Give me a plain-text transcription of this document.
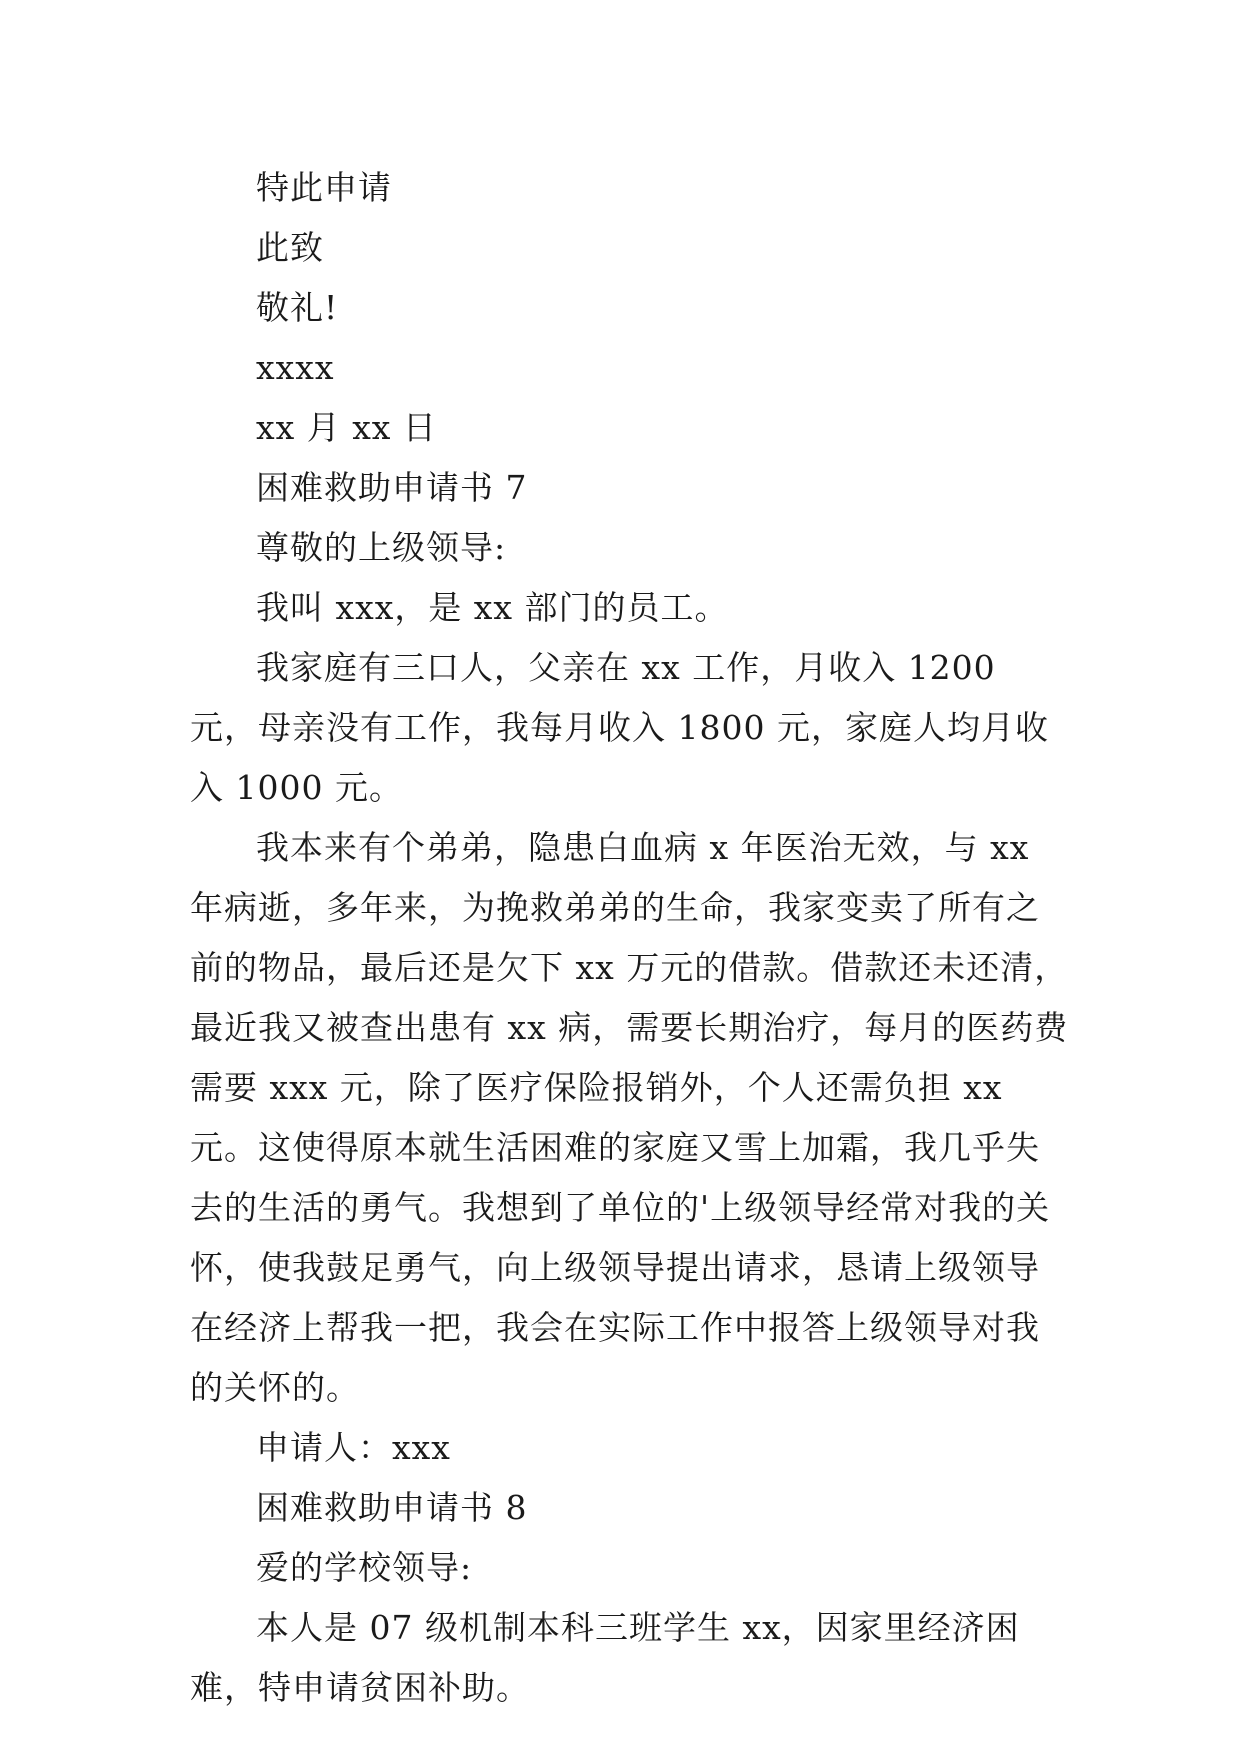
特此申请

此致

敬礼!

xxxx

xx 月 xx 日

困难救助申请书 7

尊敬的上级领导:

我叫 xxx，是 xx 部门的员工。

我家庭有三口人，父亲在 xx 工作，月收入 1200 元，母亲没有工作，我每月收入 1800 元，家庭人均月收入 1000 元。

我本来有个弟弟，隐患白血病 x 年医治无效，与 xx 年病逝，多年来，为挽救弟弟的生命，我家变卖了所有之前的物品，最后还是欠下 xx 万元的借款。借款还未还清，最近我又被查出患有 xx 病，需要长期治疗，每月的医药费需要 xxx 元，除了医疗保险报销外，个人还需负担 xx 元。这使得原本就生活困难的家庭又雪上加霜，我几乎失去的生活的勇气。我想到了单位的'上级领导经常对我的关怀，使我鼓足勇气，向上级领导提出请求，恳请上级领导在经济上帮我一把，我会在实际工作中报答上级领导对我的关怀的。

申请人：xxx

困难救助申请书 8

爱的学校领导:

本人是 07 级机制本科三班学生 xx，因家里经济困难，特申请贫困补助。
